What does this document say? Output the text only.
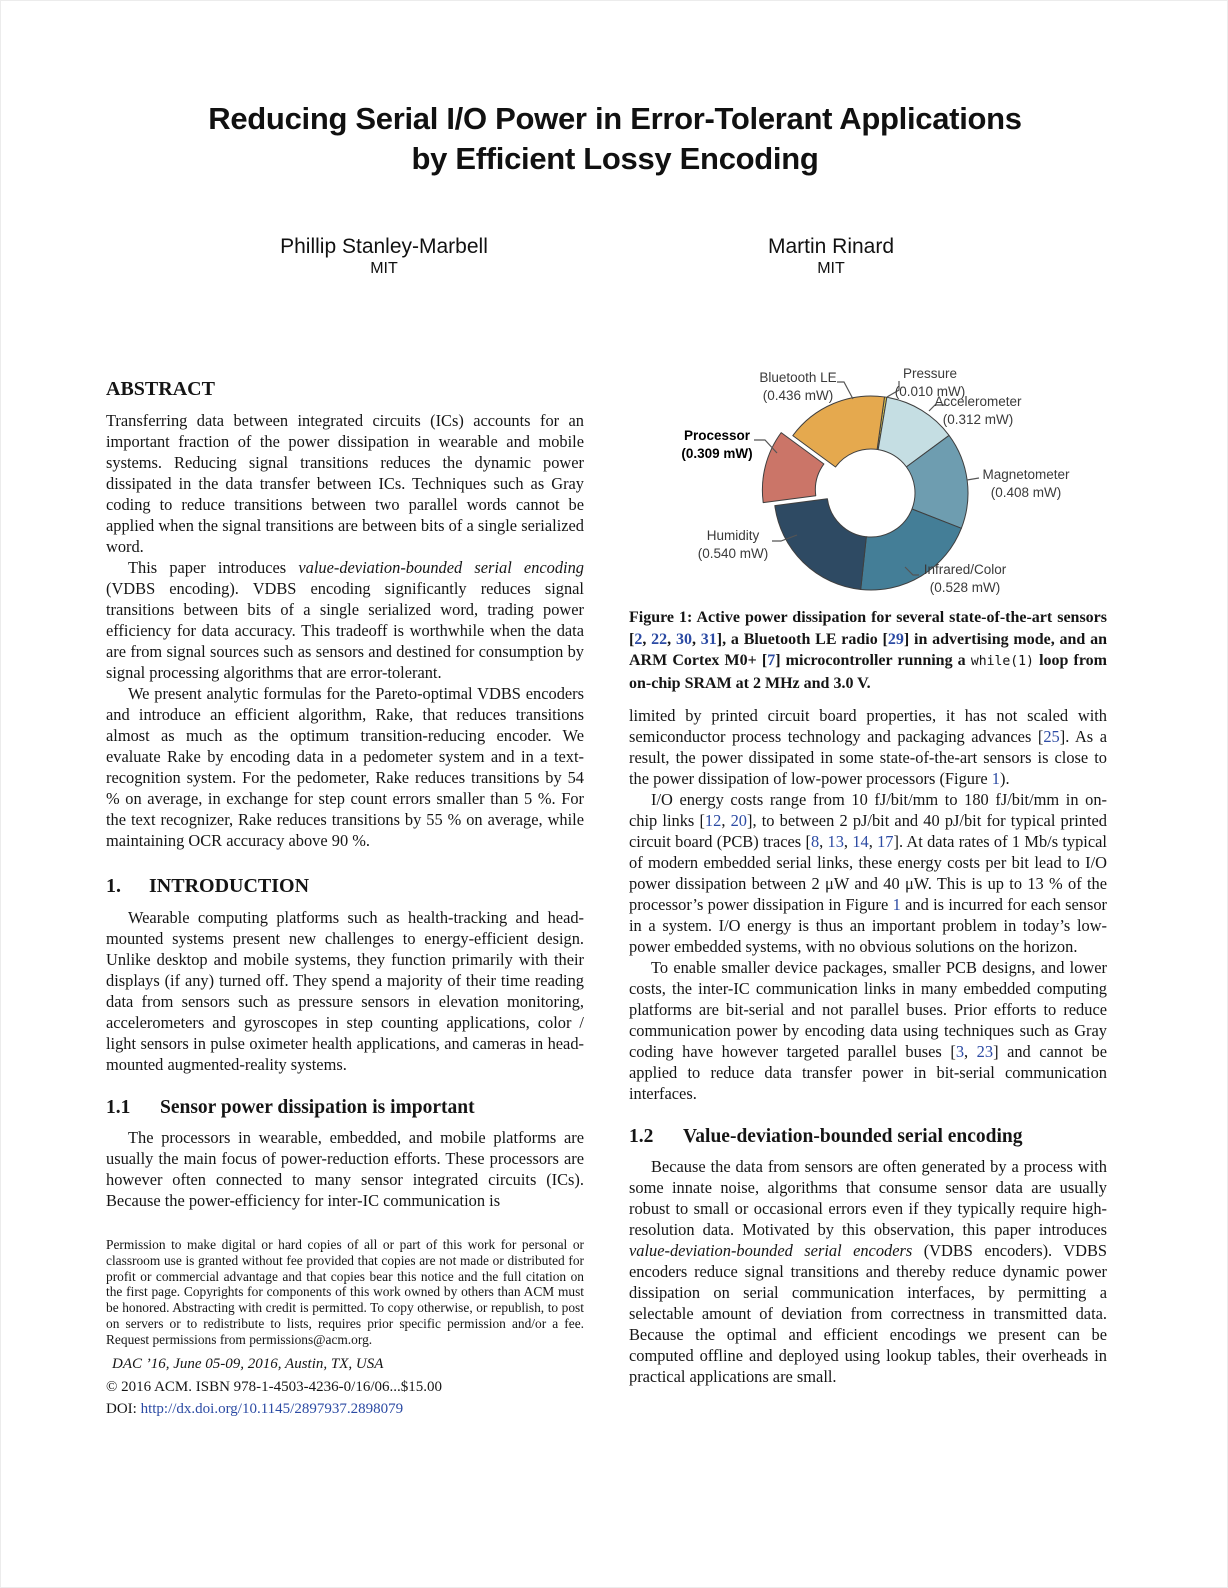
Reducing Serial I/O Power in Error-Tolerant Applications
by Efficient Lossy Encoding
Phillip Stanley-Marbell
MIT
Martin Rinard
MIT
ABSTRACT

Transferring data between integrated circuits (ICs) accounts for an important fraction of the power dissipation in wearable and mobile systems. Reducing signal transitions reduces the dynamic power dissipated in the data transfer between ICs. Techniques such as Gray coding to reduce transitions between two parallel words cannot be applied when the signal transitions are between bits of a single serialized word.

This paper introduces value-deviation-bounded serial encoding (VDBS encoding). VDBS encoding significantly reduces signal transitions between bits of a single serialized word, trading power efficiency for data accuracy. This tradeoff is worthwhile when the data are from signal sources such as sensors and destined for consumption by signal processing algorithms that are error-tolerant.

We present analytic formulas for the Pareto-optimal VDBS encoders and introduce an efficient algorithm, Rake, that reduces transitions almost as much as the optimum transition-reducing encoder. We evaluate Rake by encoding data in a pedometer system and in a text-recognition system. For the pedometer, Rake reduces transitions by 54 % on average, in exchange for step count errors smaller than 5 %. For the text recognizer, Rake reduces transitions by 55 % on average, while maintaining OCR accuracy above 90 %.

1. INTRODUCTION

Wearable computing platforms such as health-tracking and head-mounted systems present new challenges to energy-efficient design. Unlike desktop and mobile systems, they function primarily with their displays (if any) turned off. They spend a majority of their time reading data from sensors such as pressure sensors in elevation monitoring, accelerometers and gyroscopes in step counting applications, color / light sensors in pulse oximeter health applications, and cameras in head-mounted augmented-reality systems.

1.1 Sensor power dissipation is important

The processors in wearable, embedded, and mobile platforms are usually the main focus of power-reduction efforts. These processors are however often connected to many sensor integrated circuits (ICs). Because the power-efficiency for inter-IC communication is

Permission to make digital or hard copies of all or part of this work for personal or classroom use is granted without fee provided that copies are not made or distributed for profit or commercial advantage and that copies bear this notice and the full citation on the first page. Copyrights for components of this work owned by others than ACM must be honored. Abstracting with credit is permitted. To copy otherwise, or republish, to post on servers or to redistribute to lists, requires prior specific permission and/or a fee. Request permissions from permissions@acm.org.

DAC ’16, June 05-09, 2016, Austin, TX, USA

© 2016 ACM. ISBN 978-1-4503-4236-0/16/06...$15.00

DOI: http://dx.doi.org/10.1145/2897937.2898079

Pressure
(0.010 mW)
Accelerometer
(0.312 mW)
Magnetometer
(0.408 mW)
Infrared/Color
(0.528 mW)
Humidity
(0.540 mW)
Processor
(0.309 mW)
Bluetooth LE
(0.436 mW)

Figure 1: Active power dissipation for several state-of-the-art sensors [2, 22, 30, 31], a Bluetooth LE radio [29] in advertising mode, and an ARM Cortex M0+ [7] microcontroller running a while(1) loop from on-chip SRAM at 2 MHz and 3.0 V.

limited by printed circuit board properties, it has not scaled with semiconductor process technology and packaging advances [25]. As a result, the power dissipated in some state-of-the-art sensors is close to the power dissipation of low-power processors (Figure 1).

I/O energy costs range from 10 fJ/bit/mm to 180 fJ/bit/mm in on-chip links [12, 20], to between 2 pJ/bit and 40 pJ/bit for typical printed circuit board (PCB) traces [8, 13, 14, 17]. At data rates of 1 Mb/s typical of modern embedded serial links, these energy costs per bit lead to I/O power dissipation between 2 μW and 40 μW. This is up to 13 % of the processor’s power dissipation in Figure 1 and is incurred for each sensor in a system. I/O energy is thus an important problem in today’s low-power embedded systems, with no obvious solutions on the horizon.

To enable smaller device packages, smaller PCB designs, and lower costs, the inter-IC communication links in many embedded computing platforms are bit-serial and not parallel buses. Prior efforts to reduce communication power by encoding data using techniques such as Gray coding have however targeted parallel buses [3, 23] and cannot be applied to reduce data transfer power in bit-serial communication interfaces.

1.2 Value-deviation-bounded serial encoding

Because the data from sensors are often generated by a process with some innate noise, algorithms that consume sensor data are usually robust to small or occasional errors even if they typically require high-resolution data. Motivated by this observation, this paper introduces value-deviation-bounded serial encoders (VDBS encoders). VDBS encoders reduce signal transitions and thereby reduce dynamic power dissipation on serial communication interfaces, by permitting a selectable amount of deviation from correctness in transmitted data. Because the optimal and efficient encodings we present can be computed offline and deployed using lookup tables, their overheads in practical applications are small.
